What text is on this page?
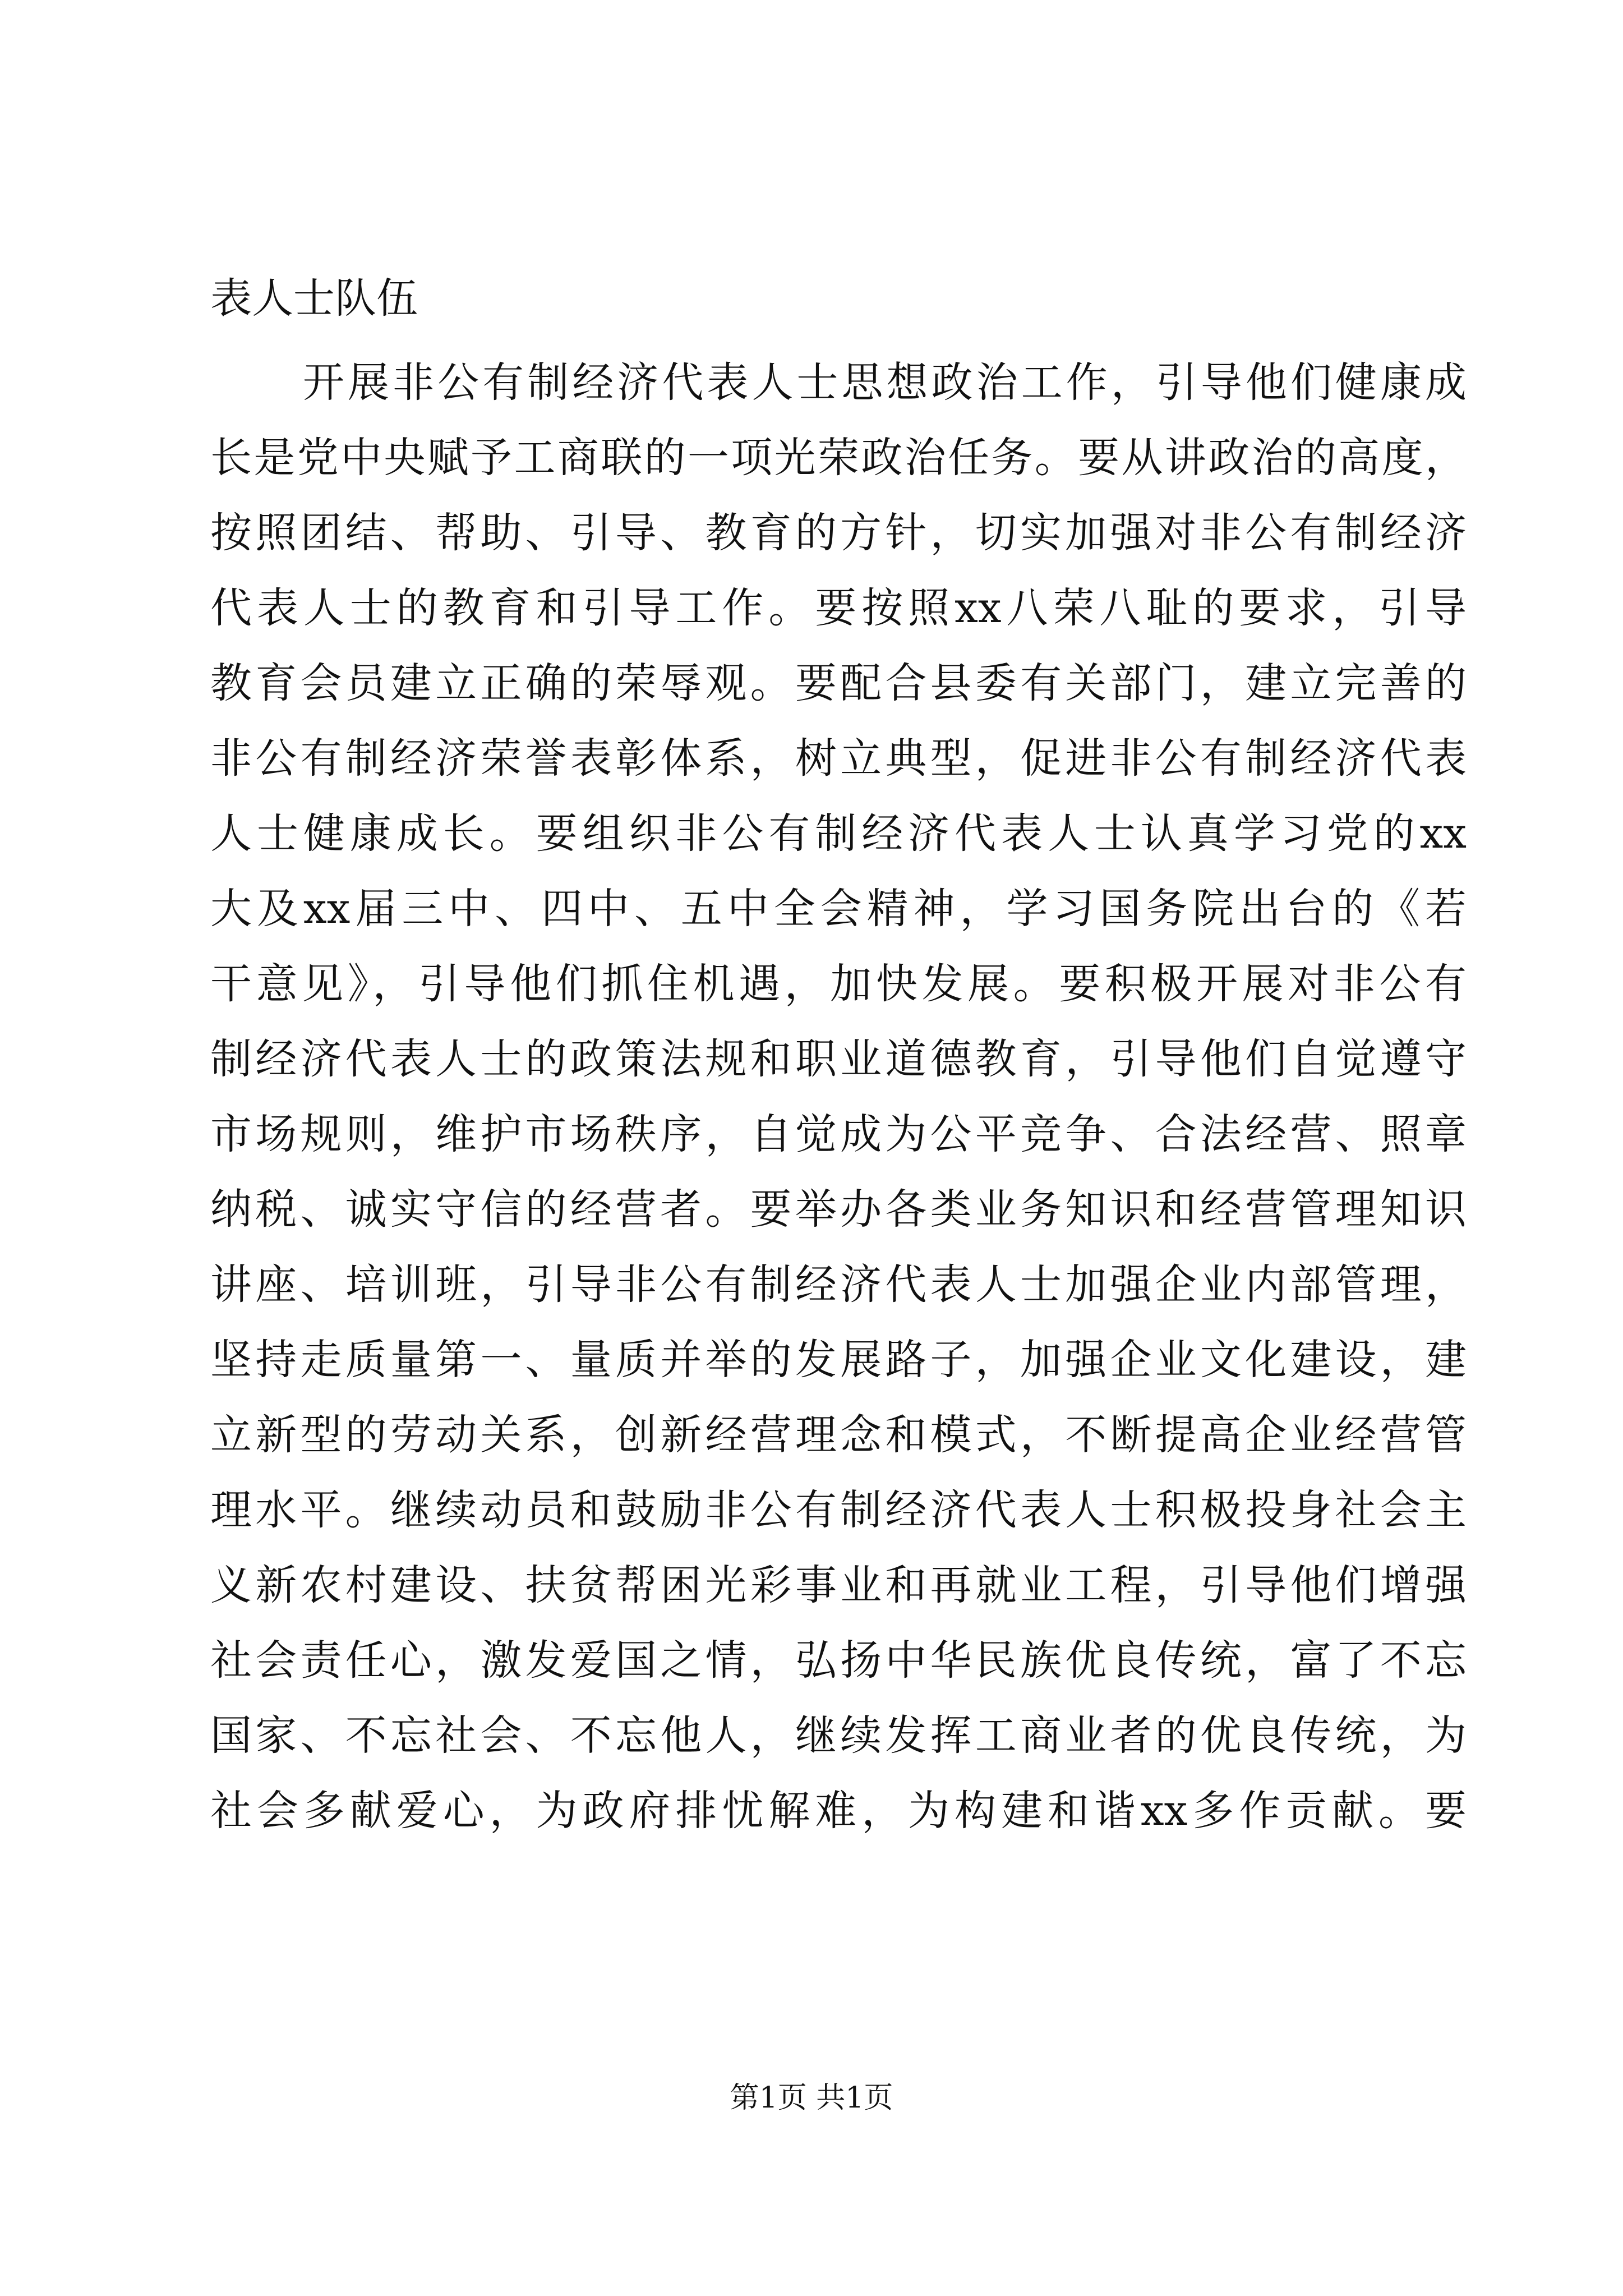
表人士队伍
开展非公有制经济代表人士思想政治工作，引导他们健康成
长是党中央赋予工商联的一项光荣政治任务。要从讲政治的高度，
按照团结、帮助、引导、教育的方针，切实加强对非公有制经济
代表人士的教育和引导工作。要按照xx八荣八耻的要求，引导
教育会员建立正确的荣辱观。要配合县委有关部门，建立完善的
非公有制经济荣誉表彰体系，树立典型，促进非公有制经济代表
人士健康成长。要组织非公有制经济代表人士认真学习党的xx
大及xx届三中、四中、五中全会精神，学习国务院出台的《若
干意见》，引导他们抓住机遇，加快发展。要积极开展对非公有
制经济代表人士的政策法规和职业道德教育，引导他们自觉遵守
市场规则，维护市场秩序，自觉成为公平竞争、合法经营、照章
纳税、诚实守信的经营者。要举办各类业务知识和经营管理知识
讲座、培训班，引导非公有制经济代表人士加强企业内部管理，
坚持走质量第一、量质并举的发展路子，加强企业文化建设，建
立新型的劳动关系，创新经营理念和模式，不断提高企业经营管
理水平。继续动员和鼓励非公有制经济代表人士积极投身社会主
义新农村建设、扶贫帮困光彩事业和再就业工程，引导他们增强
社会责任心，激发爱国之情，弘扬中华民族优良传统，富了不忘
国家、不忘社会、不忘他人，继续发挥工商业者的优良传统，为
社会多献爱心，为政府排忧解难，为构建和谐xx多作贡献。要
第1页 共1页
